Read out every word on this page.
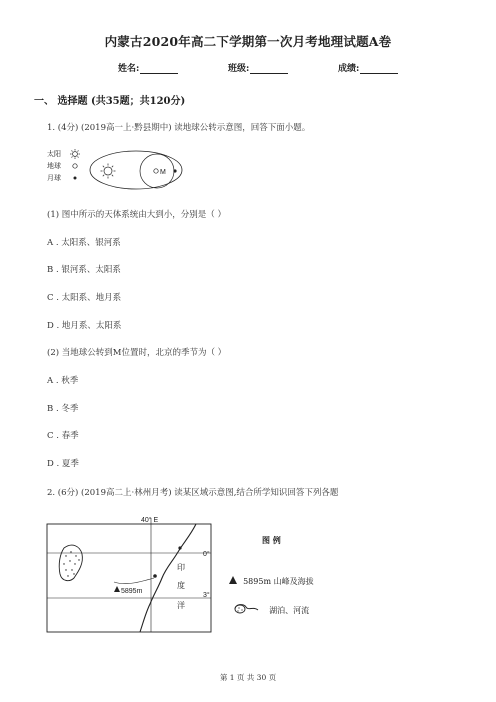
内蒙古2020年高二下学期第一次月考地理试题A卷
姓名:	班级:	成绩:
一、 选择题 (共35题；共120分)
1. (4分) (2019高一上·黔县期中) 读地球公转示意图，回答下面小题。
太阳
地球
月球
M
(1) 图中所示的天体系统由大到小，分别是（ ）
A . 太阳系、银河系
B . 银河系、太阳系
C . 太阳系、地月系
D . 地月系、太阳系
(2) 当地球公转到M位置时，北京的季节为（ ）
A . 秋季
B . 冬季
C . 春季
D . 夏季
2. (6分) (2019高二上·林州月考) 读某区域示意图,结合所学知识回答下列各题
40° E
0°
3°
5895m
印
度
洋
图 例
5895m 山峰及海拔
湖泊、河流
第 1 页 共 30 页
